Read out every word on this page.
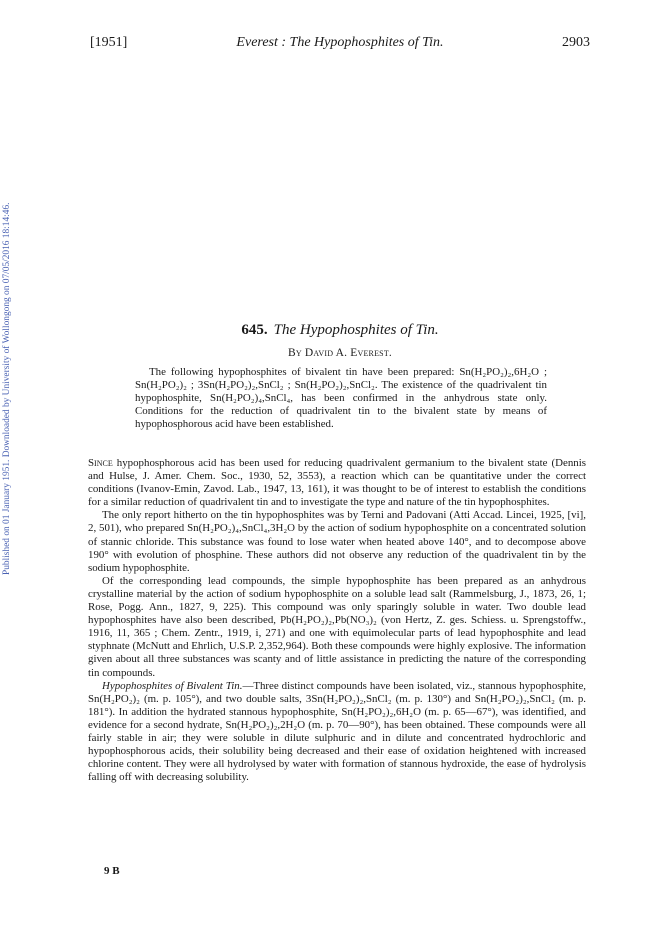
[1951]	Everest : The Hypophosphites of Tin.	2903
Published on 01 January 1951. Downloaded by University of Wollongong on 07/05/2016 18:14:46.	645. The Hypophosphites of Tin.
By David A. Everest.
The following hypophosphites of bivalent tin have been prepared: Sn(H₂PO₂)₂,6H₂O ; Sn(H₂PO₂)₂ ; 3Sn(H₂PO₂)₂,SnCl₂ ; Sn(H₂PO₂)₂,SnCl₂. The existence of the quadrivalent tin hypophosphite, Sn(H₂PO₂)₄,SnCl₄, has been confirmed in the anhydrous state only. Conditions for the reduction of quadrivalent tin to the bivalent state by means of hypophosphorous acid have been established.

Since hypophosphorous acid has been used for reducing quadrivalent germanium to the bivalent state (Dennis and Hulse, J. Amer. Chem. Soc., 1930, 52, 3553), a reaction which can be quantitative under the correct conditions (Ivanov-Emin, Zavod. Lab., 1947, 13, 161), it was thought to be of interest to establish the conditions for a similar reduction of quadrivalent tin and to investigate the type and nature of the tin hypophosphites.

The only report hitherto on the tin hypophosphites was by Terni and Padovani (Atti Accad. Lincei, 1925, [vi], 2, 501), who prepared Sn(H₂PO₂)₄,SnCl₄,3H₂O by the action of sodium hypophosphite on a concentrated solution of stannic chloride. This substance was found to lose water when heated above 140°, and to decompose above 190° with evolution of phosphine. These authors did not observe any reduction of the quadrivalent tin by the sodium hypophosphite.

Of the corresponding lead compounds, the simple hypophosphite has been prepared as an anhydrous crystalline material by the action of sodium hypophosphite on a soluble lead salt (Rammelsburg, J., 1873, 26, 1; Rose, Pogg. Ann., 1827, 9, 225). This compound was only sparingly soluble in water. Two double lead hypophosphites have also been described, Pb(H₂PO₂)₂,Pb(NO₃)₂ (von Hertz, Z. ges. Schiess. u. Sprengstoffw., 1916, 11, 365 ; Chem. Zentr., 1919, i, 271) and one with equimolecular parts of lead hypophosphite and lead styphnate (McNutt and Ehrlich, U.S.P. 2,352,964). Both these compounds were highly explosive. The information given about all three substances was scanty and of little assistance in predicting the nature of the corresponding tin compounds.

Hypophosphites of Bivalent Tin.—Three distinct compounds have been isolated, viz., stannous hypophosphite, Sn(H₂PO₂)₂ (m. p. 105°), and two double salts, 3Sn(H₂PO₂)₂,SnCl₂ (m. p. 130°) and Sn(H₂PO₂)₂,SnCl₂ (m. p. 181°). In addition the hydrated stannous hypophosphite, Sn(H₂PO₂)₂,6H₂O (m. p. 65—67°), was identified, and evidence for a second hydrate, Sn(H₂PO₂)₂,2H₂O (m. p. 70—90°), has been obtained. These compounds were all fairly stable in air; they were soluble in dilute sulphuric and in dilute and concentrated hydrochloric and hypophosphorous acids, their solubility being decreased and their ease of oxidation heightened with increased chlorine content. They were all hydrolysed by water with formation of stannous hydroxide, the ease of hydrolysis falling off with decreasing solubility.

9 B
